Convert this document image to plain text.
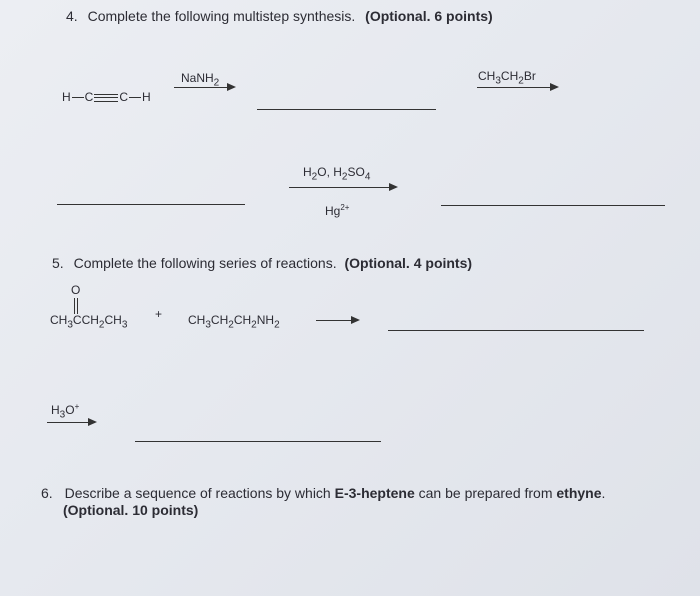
4. Complete the following multistep synthesis. (Optional. 6 points)
H C C H
NaNH$_2$	$CH_3CH_2Br$
$H_2O$, $H_2SO_4$
$Hg^{2+}$
5. Complete the following series of reactions. (Optional. 4 points)
O
$CH_3CCH_2CH_3$
+ $CH_3CH_2CH_2NH_2$
$H_3O^+$
6. Describe a sequence of reactions by which E-3-heptene can be prepared from ethyne.
(Optional. 10 points)
